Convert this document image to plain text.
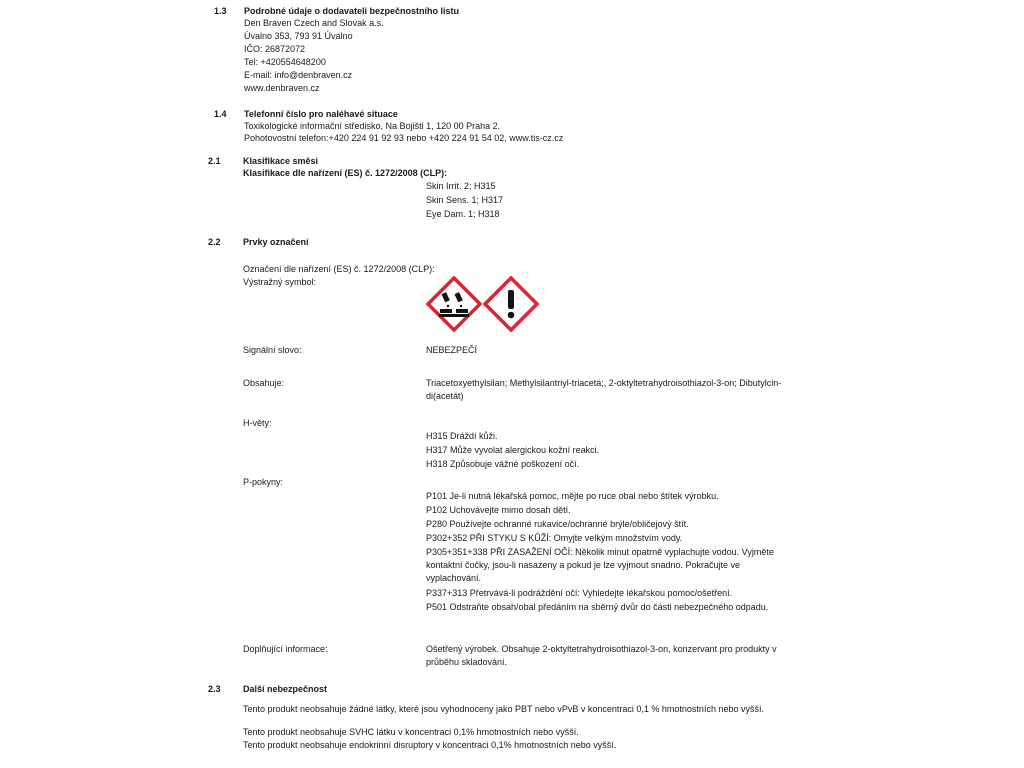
1.3 Podrobné údaje o dodavateli bezpečnostního listu
Den Braven Czech and Slovak a.s.
Úvalno 353, 793 91 Úvalno
IČO: 26872072
Tel: +420554648200
E-mail: info@denbraven.cz
www.denbraven.cz
1.4 Telefonní číslo pro naléhavé situace
Toxikologické informační středisko, Na Bojišti 1, 120 00 Praha 2.
Pohotovostní telefon:+420 224 91 92 93 nebo +420 224 91 54 02, www.tis-cz.cz
2.1 Klasifikace směsi
Klasifikace dle nařízení (ES) č. 1272/2008 (CLP):
Skin Irrit. 2; H315
Skin Sens. 1; H317
Eye Dam. 1; H318
2.2 Prvky označení
Označení dle nařízení (ES) č. 1272/2008 (CLP):
Výstražný symbol:
Signální slovo:	NEBEZPEČÍ
Obsahuje:	Triacetoxyethylsilan; Methylsilantriyl-triacetá;, 2-oktyltetrahydroisothiazol-3-on; Dibutylcin-
di(acetát)
H-věty:
H315 Dráždí kůži.
H317 Může vyvolat alergickou kožní reakci.
H318 Způsobuje vážné poškození očí.
P-pokyny:
P101 Je-li nutná lékařská pomoc, mějte po ruce obal nebo štítek výrobku.
P102 Uchovávejte mimo dosah dětí.
P280 Používejte ochranné rukavice/ochranné brýle/obličejový štít.
P302+352 PŘI STYKU S KŮŽÍ: Omyjte velkým množstvím vody.
P305+351+338 PŘI ZASAŽENÍ OČÍ: Několik minut opatrně vyplachujte vodou. Vyjměte
kontaktní čočky, jsou-li nasazeny a pokud je lze vyjmout snadno. Pokračujte ve
vyplachování.
P337+313 Přetrvává-li podráždění očí: Vyhledejte lékařskou pomoc/ošetření.
P501 Odstraňte obsah/obal předáním na sběrný dvůr do části nebezpečného odpadu.
Doplňující informace:	Ošetřený výrobek. Obsahuje 2-oktyltetrahydroisothiazol-3-on, konzervant pro produkty v
průběhu skladování.
2.3 Další nebezpečnost
Tento produkt neobsahuje žádné látky, které jsou vyhodnoceny jako PBT nebo vPvB v koncentraci 0,1 % hmotnostních nebo vyšší.
Tento produkt neobsahuje SVHC látku v koncentraci 0,1% hmotnostních nebo vyšší.
Tento produkt neobsahuje endokrinní disruptory v koncentraci 0,1% hmotnostních nebo vyšší.
